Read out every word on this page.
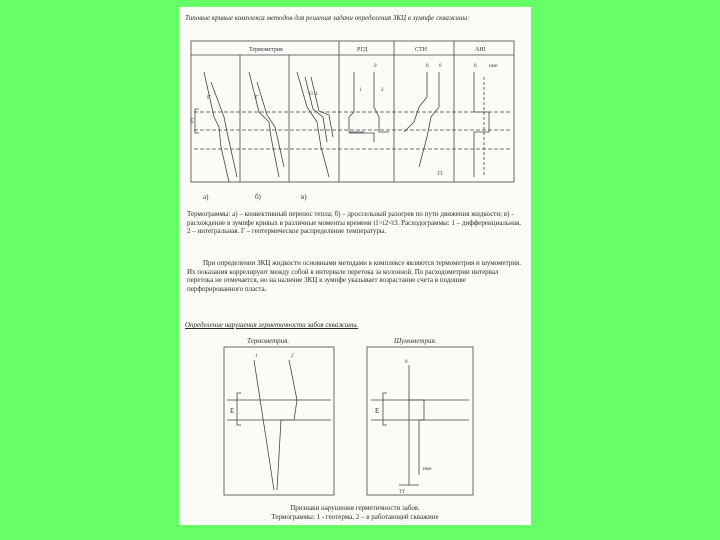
Типовые кривые комплекса методов для решения задачи определения ЗКЦ в зумпфе скважины:
Термометрия	РГД	СТН	АНІ
Г	Г
t3 t1
E
1	2
0	0	0
0	имп
ТТ
а)	б)	в)
Термограммы: а) – конвективный перенос тепла; б) – дроссельный разогрев по пути движения жидкости; в) - расхождение в зумпфе кривых в различные моменты времени t1<t2<t3. Расходограммы: 1 – дифференциальная, 2 – интегральная. Г – геотермическое распределение температуры.
При определении ЗКЦ жидкости основными методами в комплексе являются термометрия и шумометрия. Их показания коррелируют между собой в интервале перетока за колонной. По расходометрии интервал перетока не отмечается, но на наличие ЗКЦ в зумпфе указывает возрастание счета в подошве перфорированного пласта.
Определение нарушения герметичности забоя скважины.
Термометрия.	Шумометрия.
1	2
E	E
0
имп
ТТ
Признаки нарушения герметичности забоя.
Термограммы: 1 - геотерма, 2 – в работающей скважине
